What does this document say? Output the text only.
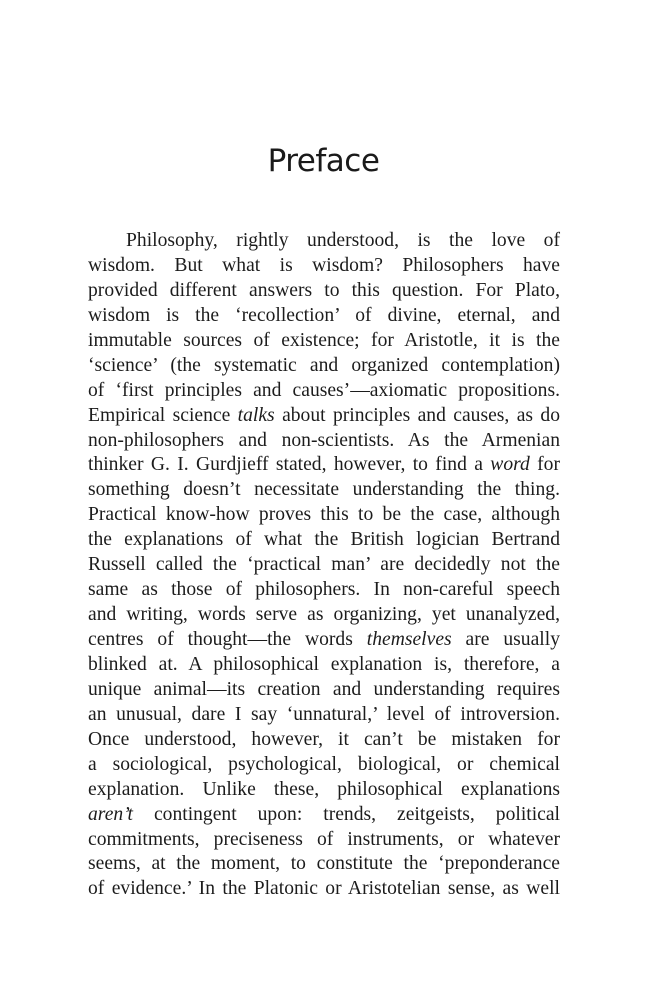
Preface
Philosophy, rightly understood, is the love of
wisdom. But what is wisdom? Philosophers have
provided different answers to this question. For Plato,
wisdom is the ‘recollection’ of divine, eternal, and
immutable sources of existence; for Aristotle, it is the
‘science’ (the systematic and organized contemplation)
of ‘first principles and causes’—axiomatic propositions.
Empirical science talks about principles and causes, as do
non-philosophers and non-scientists. As the Armenian
thinker G. I. Gurdjieff stated, however, to find a word for
something doesn’t necessitate understanding the thing.
Practical know-how proves this to be the case, although
the explanations of what the British logician Bertrand
Russell called the ‘practical man’ are decidedly not the
same as those of philosophers. In non-careful speech
and writing, words serve as organizing, yet unanalyzed,
centres of thought—the words themselves are usually
blinked at. A philosophical explanation is, therefore, a
unique animal—its creation and understanding requires
an unusual, dare I say ‘unnatural,’ level of introversion.
Once understood, however, it can’t be mistaken for
a sociological, psychological, biological, or chemical
explanation. Unlike these, philosophical explanations
aren’t contingent upon: trends, zeitgeists, political
commitments, preciseness of instruments, or whatever
seems, at the moment, to constitute the ‘preponderance
of evidence.’ In the Platonic or Aristotelian sense, as well
